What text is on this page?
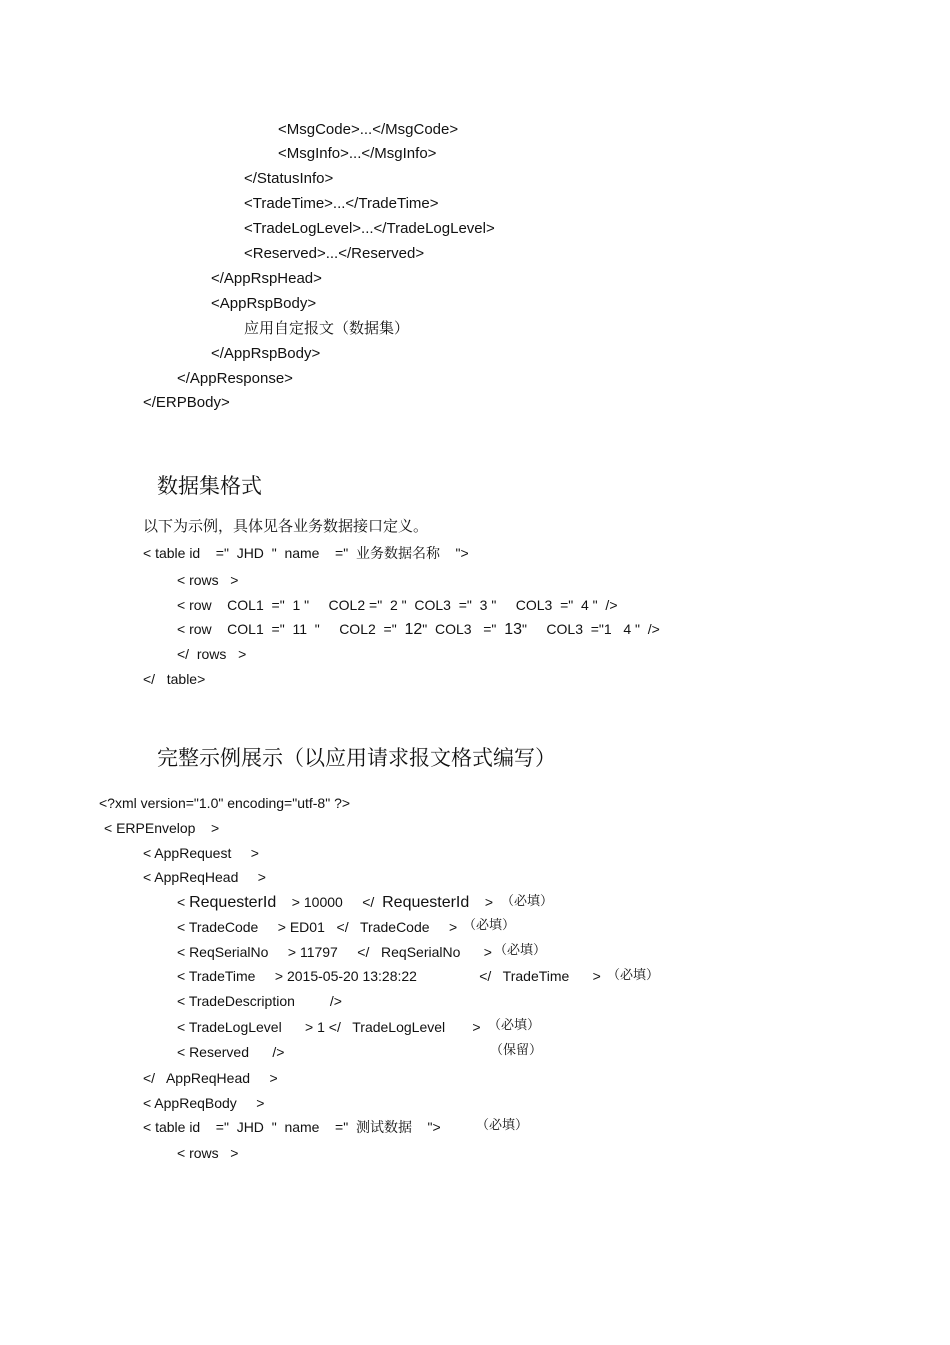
<MsgCode>...</MsgCode>
<MsgInfo>...</MsgInfo>
</StatusInfo>
<TradeTime>...</TradeTime>
<TradeLogLevel>...</TradeLogLevel>
<Reserved>...</Reserved>
</AppRspHead>
<AppRspBody>
应用自定报文（数据集）
</AppRspBody>
</AppResponse>
</ERPBody>
数据集格式
以下为示例，具体见各业务数据接口定义。
< table id    ="  JHD  "  name    ="  业务数据名称    ">
< rows   >
< row    COL1  ="  1 "     COL2 ="  2 "  COL3  ="  3 "     COL3  ="  4 "  />
< row    COL1  ="  11  "     COL2  ="  12"  COL3   ="  13"     COL3  ="1   4 "  />
</  rows   >
</   table>
完整示例展示（以应用请求报文格式编写）
<?xml version="1.0" encoding="utf-8" ?>
< ERPEnvelop    >
< AppRequest     >
< AppReqHead     >
< RequesterId    > 10000     </  RequesterId    > （必填）
< TradeCode     > ED01   </   TradeCode     > （必填）
< ReqSerialNo     > 11797     </   ReqSerialNo      > （必填）
< TradeTime     > 2015-05-20 13:28:22                </   TradeTime      > （必填）
< TradeDescription         />
< TradeLogLevel      > 1 </   TradeLogLevel       > （必填）
< Reserved      />	（保留）
</   AppReqHead     >
< AppReqBody     >
< table id    ="  JHD  "  name    ="  测试数据    ">	（必填）
< rows   >
